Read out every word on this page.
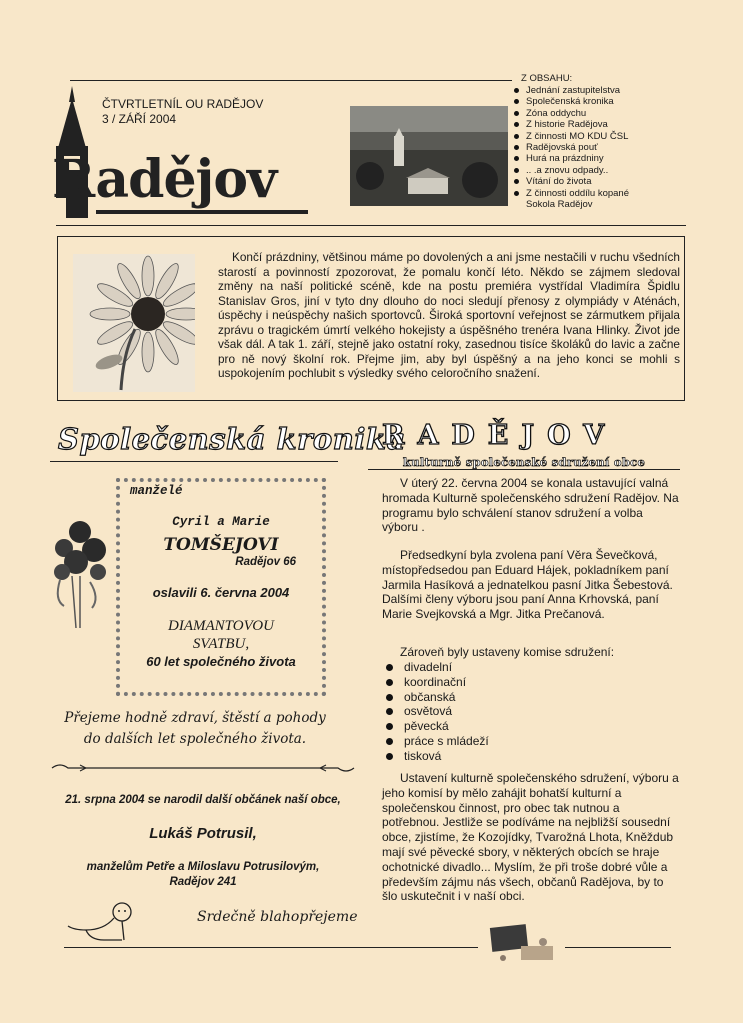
ČTVRTLETNÍL OU RADĚJOV
3 / ZÁŘÍ 2004
Radějov
Z OBSAHU:
Jednání zastupitelstva
Společenská kronika
Zóna oddychu
Z historie Radějova
Z činnosti MO KDU ČSL
Radějovská pouť
Hurá na prázdniny
.. .a znovu odpady..
Vítání do života
Z činnosti oddílu kopané
Sokola Radějov
Končí prázdniny, většinou máme po dovolených a ani jsme nestačili v ruchu všedních starostí a povinností zpozorovat, že pomalu končí léto. Někdo se zájmem sledoval změny na naší politické scéně, kde na postu premiéra vystřídal Vladimíra Špidlu Stanislav Gros, jiní v tyto dny dlouho do noci sledují přenosy z olympiády v Aténách, úspěchy i neúspěchy našich sportovců. Široká sportovní veřejnost se zármutkem přijala zprávu o tragickém úmrtí velkého hokejisty a úspěšného trenéra Ivana Hlinky. Život jde však dál. A tak 1. září, stejně jako ostatní roky, zasednou tisíce školáků do lavic a začne pro ně nový školní rok. Přejme jim, aby byl úspěšný a na jeho konci se mohli s uspokojením pochlubit s výsledky svého celoročního snažení.
Společenská kronika
manželé
Cyril a Marie
TOMŠEJOVI
Radějov 66
oslavili 6. června 2004
DIAMANTOVOU
SVATBU,
60 let společného života
Přejeme hodně zdraví, štěstí a pohody
do dalších let společného života.
21. srpna 2004 se narodil další občánek naší obce,
Lukáš Potrusil,
manželům Petře a Miloslavu Potrusilovým,
Radějov 241
Srdečně blahopřejeme
RADĚJOV
kulturně společenské sdružení obce

V úterý 22. června 2004 se konala ustavující valná hromada Kulturně společenského sdružení Radějov. Na programu bylo schválení stanov sdružení a volba výboru .

Předsedkyní byla zvolena paní Věra Ševečková, místopředsedou pan Eduard Hájek, pokladníkem paní Jarmila Hasíková a jednatelkou pasní Jitka Šebestová. Dalšími členy výboru jsou paní Anna Krhovská, paní Marie Svejkovská a Mgr. Jitka Prečanová.

Zároveň byly ustaveny komise sdružení:

divadelní
koordinační
občanská
osvětová
pěvecká
práce s mládeží
tisková

Ustavení kulturně společenského sdružení, výboru a jeho komisí by mělo zahájit bohatší kulturní a společenskou činnost, pro obec tak nutnou a potřebnou. Jestliže se podíváme na nejbližší sousední obce, zjistíme, že Kozojídky, Tvarožná Lhota, Kněždub mají své pěvecké sbory, v některých obcích se hraje ochotnické divadlo... Myslím, že při troše dobré vůle a především zájmu nás všech, občanů Radějova, by to šlo uskutečnit i v naší obci.
